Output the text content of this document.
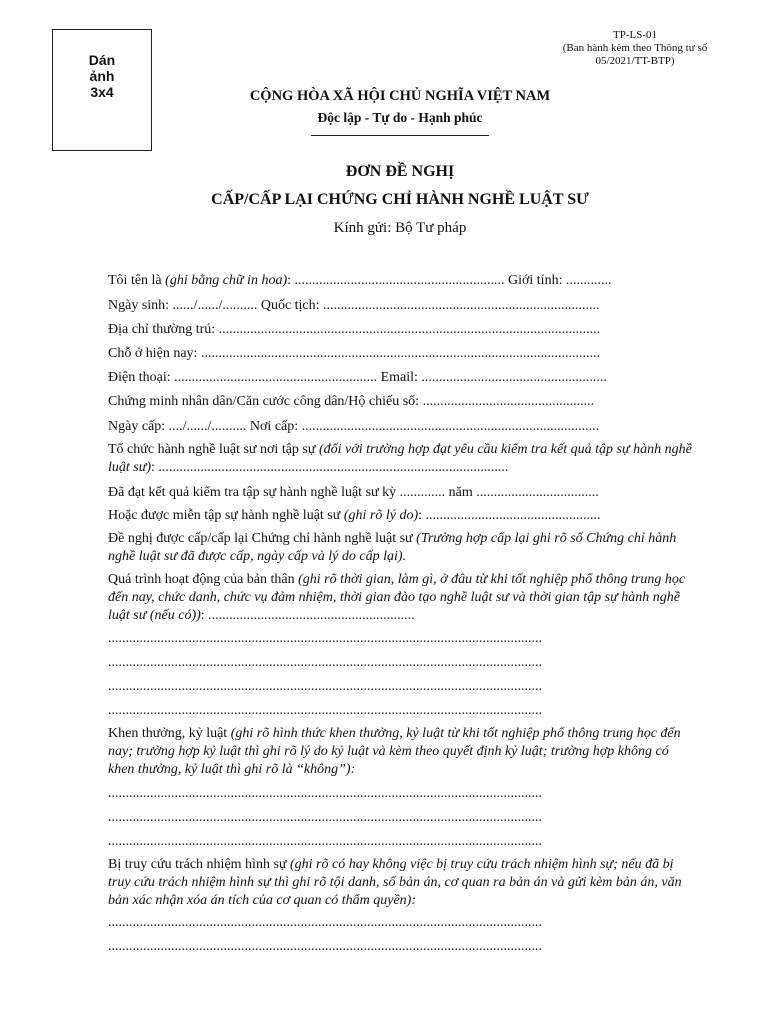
Dán
ảnh
3x4
TP-LS-01
(Ban hành kèm theo Thông tư số
05/2021/TT-BTP)
CỘNG HÒA XÃ HỘI CHỦ NGHĨA VIỆT NAM
Độc lập - Tự do - Hạnh phúc
ĐƠN ĐỀ NGHỊ
CẤP/CẤP LẠI CHỨNG CHỈ HÀNH NGHỀ LUẬT SƯ
Kính gửi: Bộ Tư pháp
Tôi tên là (ghi bằng chữ in hoa): ............................................................ Giới tính: .............
Ngày sinh: ....../....../.......... Quốc tịch: ...............................................................................
Địa chỉ thường trú: .............................................................................................................
Chỗ ở hiện nay: ..................................................................................................................
Điện thoại: .......................................................... Email: .....................................................
Chứng minh nhân dân/Căn cước công dân/Hộ chiếu số: .................................................
Ngày cấp: ..../....../.......... Nơi cấp: .....................................................................................
Tổ chức hành nghề luật sư nơi tập sự (đối với trường hợp đạt yêu cầu kiểm tra kết quả tập sự hành nghề luật sư): ....................................................................................................
Đã đạt kết quả kiểm tra tập sự hành nghề luật sư kỳ ............. năm ...................................
Hoặc được miễn tập sự hành nghề luật sư (ghi rõ lý do): ..................................................
Đề nghị được cấp/cấp lại Chứng chỉ hành nghề luật sư (Trường hợp cấp lại ghi rõ số Chứng chỉ hành nghề luật sư đã được cấp, ngày cấp và lý do cấp lại).
Quá trình hoạt động của bản thân (ghi rõ thời gian, làm gì, ở đâu từ khi tốt nghiệp phổ thông trung học đến nay, chức danh, chức vụ đảm nhiệm, thời gian đào tạo nghề luật sư và thời gian tập sự hành nghề luật sư (nếu có)): ...........................................................
............................................................................................................................
............................................................................................................................
............................................................................................................................
............................................................................................................................
Khen thưởng, kỷ luật (ghi rõ hình thức khen thưởng, kỷ luật từ khi tốt nghiệp phổ thông trung học đến nay; trường hợp kỷ luật thì ghi rõ lý do kỷ luật và kèm theo quyết định kỷ luật; trường hợp không có khen thưởng, kỷ luật thì ghi rõ là “không”):
............................................................................................................................
............................................................................................................................
............................................................................................................................
Bị truy cứu trách nhiệm hình sự (ghi rõ có hay không việc bị truy cứu trách nhiệm hình sự; nếu đã bị truy cứu trách nhiệm hình sự thì ghi rõ tội danh, số bản án, cơ quan ra bản án và gửi kèm bản án, văn bản xác nhận xóa án tích của cơ quan có thẩm quyền):
............................................................................................................................
............................................................................................................................
